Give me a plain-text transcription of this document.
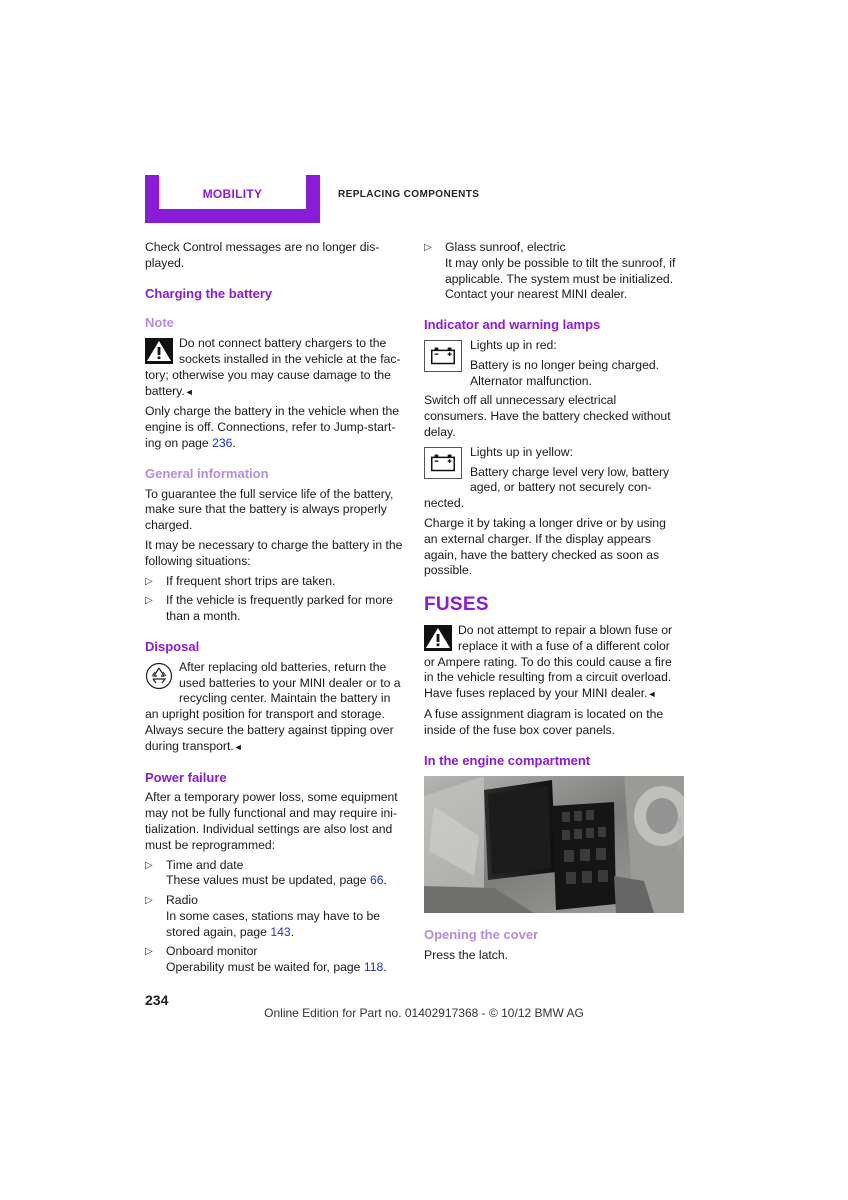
MOBILITY	REPLACING COMPONENTS

Check Control messages are no longer dis-played.

Charging the battery
Note
Do not connect battery chargers to the sockets installed in the vehicle at the fac-tory; otherwise you may cause damage to the battery.◄

Only charge the battery in the vehicle when the engine is off. Connections, refer to Jump-start-ing on page 236.

General information

To guarantee the full service life of the battery, make sure that the battery is always properly charged.

It may be necessary to charge the battery in the following situations:

▷ If frequent short trips are taken.
▷ If the vehicle is frequently parked for more than a month.
Disposal
After replacing old batteries, return the used batteries to your MINI dealer or to a recycling center. Maintain the battery in an upright position for transport and storage. Always secure the battery against tipping over during transport.◄
Power failure

After a temporary power loss, some equipment may not be fully functional and may require ini-tialization. Individual settings are also lost and must be reprogrammed:

▷ Time and date
These values must be updated, page 66.
▷ Radio
In some cases, stations may have to be stored again, page 143.
▷ Onboard monitor
Operability must be waited for, page 118.
▷ Glass sunroof, electric
It may only be possible to tilt the sunroof, if applicable. The system must be initialized. Contact your nearest MINI dealer.
Indicator and warning lamps
Lights up in red:
Battery is no longer being charged. Alternator malfunction.

Switch off all unnecessary electrical consumers. Have the battery checked without delay.

Lights up in yellow:
Battery charge level very low, battery aged, or battery not securely con-nected.

Charge it by taking a longer drive or by using an external charger. If the display appears again, have the battery checked as soon as possible.

FUSES
Do not attempt to repair a blown fuse or replace it with a fuse of a different color or Ampere rating. To do this could cause a fire in the vehicle resulting from a circuit overload. Have fuses replaced by your MINI dealer.◄

A fuse assignment diagram is located on the inside of the fuse box cover panels.

In the engine compartment
W0301209A
Opening the cover

Press the latch.

234
Online Edition for Part no. 01402917368 - © 10/12 BMW AG
